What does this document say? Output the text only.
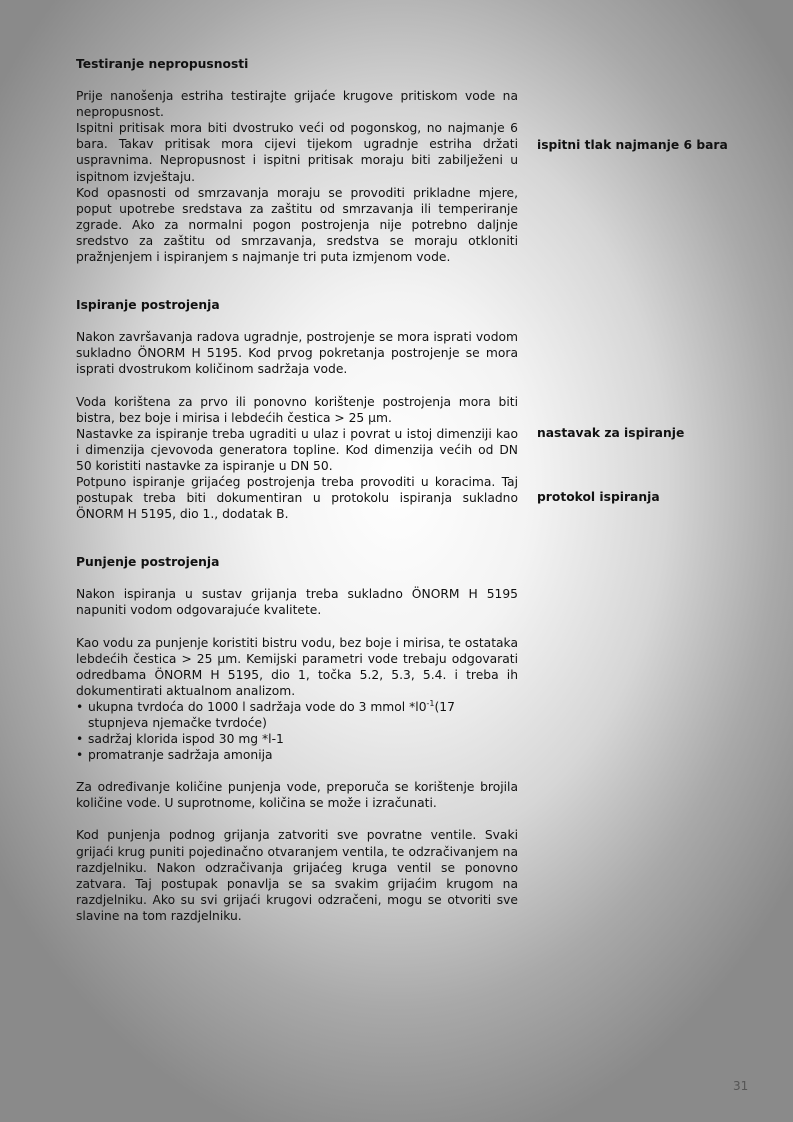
Testiranje nepropusnosti

Prije nanošenja estriha testirajte grijaće krugove pritiskom vode na nepropusnost.

Ispitni pritisak mora biti dvostruko veći od pogonskog, no najmanje 6 bara. Takav pritisak mora cijevi tijekom ugradnje estriha držati uspravnima. Nepropusnost i ispitni pritisak moraju biti zabilježeni u ispitnom izvještaju.

Kod opasnosti od smrzavanja moraju se provoditi prikladne mjere, poput upotrebe sredstava za zaštitu od smrzavanja ili temperiranje zgrade. Ako za normalni pogon postrojenja nije potrebno daljnje sredstvo za zaštitu od smrzavanja, sredstva se moraju otkloniti pražnjenjem i ispiranjem s najmanje tri puta izmjenom vode.

Ispiranje postrojenja

Nakon završavanja radova ugradnje, postrojenje se mora isprati vodom sukladno ÖNORM H 5195. Kod prvog pokretanja postrojenje se mora isprati dvostrukom količinom sadržaja vode.

Voda korištena za prvo ili ponovno korištenje postrojenja mora biti bistra, bez boje i mirisa i lebdećih čestica > 25 µm.

Nastavke za ispiranje treba ugraditi u ulaz i povrat u istoj dimenziji kao i dimenzija cjevovoda generatora topline. Kod dimenzija većih od DN 50 koristiti nastavke za ispiranje u DN 50.

Potpuno ispiranje grijaćeg postrojenja treba provoditi u koracima. Taj postupak treba biti dokumentiran u protokolu ispiranja sukladno ÖNORM H 5195, dio 1., dodatak B.

Punjenje postrojenja

Nakon ispiranja u sustav grijanja treba sukladno ÖNORM H 5195 napuniti vodom odgovarajuće kvalitete.

Kao vodu za punjenje koristiti bistru vodu, bez boje i mirisa, te ostataka lebdećih čestica > 25 µm. Kemijski parametri vode trebaju odgovarati odredbama ÖNORM H 5195, dio 1, točka 5.2, 5.3, 5.4. i treba ih dokumentirati aktualnom analizom.

• ukupna tvrdoća do 1000 l sadržaja vode do 3 mmol $*l0^{-1}(17$ stupnjeva njemačke tvrdoće)
• sadržaj klorida ispod 30 mg *l-1
• promatranje sadržaja amonija

Za određivanje količine punjenja vode, preporuča se korištenje brojila količine vode. U suprotnome, količina se može i izračunati.

Kod punjenja podnog grijanja zatvoriti sve povratne ventile. Svaki grijaći krug puniti pojedinačno otvaranjem ventila, te odzračivanjem na razdjelniku. Nakon odzračivanja grijaćeg kruga ventil se ponovno zatvara. Taj postupak ponavlja se sa svakim grijaćim krugom na razdjelniku. Ako su svi grijaći krugovi odzračeni, mogu se otvoriti sve slavine na tom razdjelniku.

ispitni tlak najmanje 6 bara
nastavak za ispiranje
protokol ispiranja
31
